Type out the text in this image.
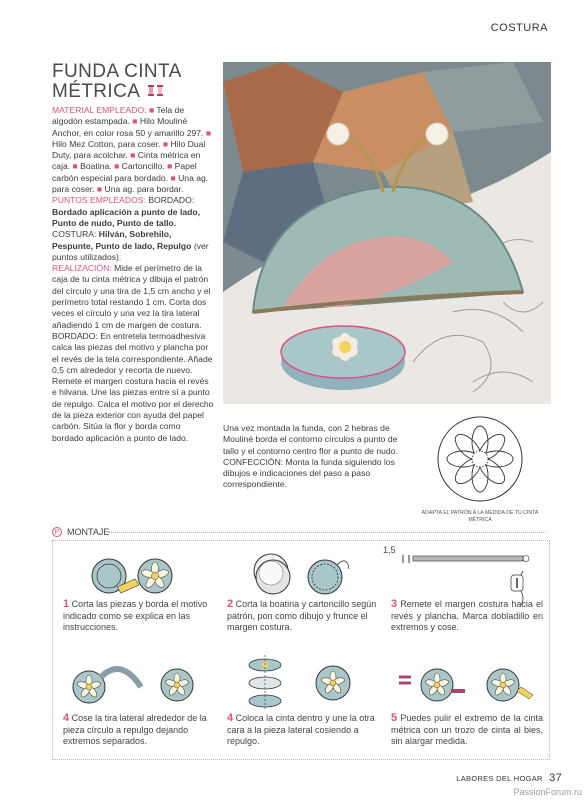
COSTURA
FUNDA CINTA
MÉTRICA

MATERIAL EMPLEADO: ■ Tela de algodón estampada. ■ Hilo Mouliné Anchor, en color rosa 50 y amarillo 297. ■ Hilo Mez Cotton, para coser. ■ Hilo Dual Duty, para acolchar. ■ Cinta métrica en caja. ■ Boatina. ■ Cartoncillo. ■ Papel carbón especial para bordado. ■ Una ag. para coser. ■ Una ag. para bordar.

PUNTOS EMPLEADOS: BORDADO: Bordado aplicación a punto de lado, Punto de nudo, Punto de tallo. COSTURA: Hilván, Sobrehilo, Pespunte, Punto de lado, Repulgo (ver puntos utilizados).

REALIZACIÓN: Mide el perímetro de la caja de tu cinta métrica y dibuja el patrón del círculo y una tira de 1,5 cm ancho y el perímetro total restando 1 cm. Corta dos veces el círculo y una vez la tira lateral añadiendo 1 cm de margen de costura.

BORDADO: En entretela termoadhesiva calca las piezas del motivo y plancha por el revés de la tela correspondiente. Añade 0,5 cm alrededor y recorta de nuevo. Remete el margen costura hacia el revés e hilvana. Une las piezas entre sí a punto de repulgo. Calca el motivo por el derecho de la pieza exterior con ayuda del papel carbón. Sitúa la flor y borda como bordado aplicación a punto de lado.

Una vez montada la funda, con 2 hebras de Mouliné borda el contorno círculos a punto de tallo y el contorno centro flor a punto de nudo.
CONFECCIÓN: Monta la funda siguiendo los dibujos e indicaciones del paso a paso correspondiente.
ADAPTA EL PATRÓN A LA MEDIDA DE TU CINTA MÉTRICA
P MONTAJE
1,5
1 Corta las piezas y borda el motivo indicado como se explica en las instrucciones.
2 Corta la boatina y cartoncillo según patrón, pon como dibujo y frunce el margen costura.
3 Remete el margen costura hacia el revés y plancha. Marca dobladillo en extremos y cose.
4 Cose la tira lateral alrededor de la pieza círculo a repulgo dejando extremos separados.
4 Coloca la cinta dentro y une la otra cara a la pieza lateral cosiendo a repulgo.
5 Puedes pulir el extremo de la cinta métrica con un trozo de cinta al bies, sin alargar medida.
LABORES DEL HOGAR 37
PassionForum.ru
